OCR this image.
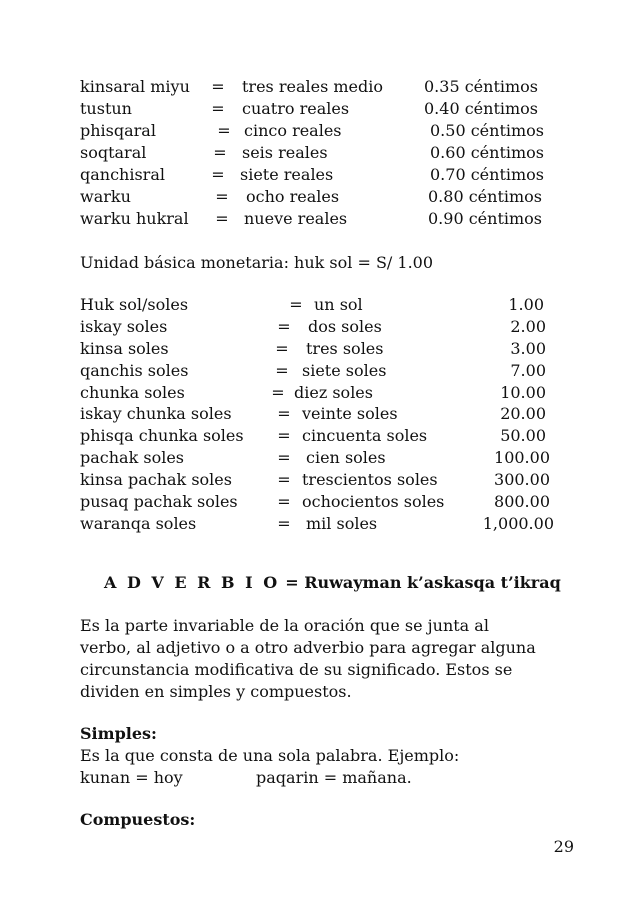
kinsaral miyu = tres reales medio	0.35 céntimos
tustun	= cuatro reales	0.40 céntimos
phisqaral	= cinco reales	0.50 céntimos
soqtaral	= seis reales	0.60 céntimos
qanchisral	= siete reales	0.70 céntimos
warku	= ocho reales	0.80 céntimos
warku hukral = nueve reales	0.90 céntimos
Unidad básica monetaria: huk sol = S/ 1.00
Huk sol/soles	= un sol	1.00
iskay soles	= dos soles	2.00
kinsa soles	= tres soles	3.00
qanchis soles	= siete soles	7.00
chunka soles	= diez soles	10.00
iskay chunka soles	= veinte soles	20.00
phisqa chunka soles = cincuenta soles	50.00
pachak soles	= cien soles	100.00
kinsa pachak soles	= trescientos soles	300.00
pusaq pachak soles = ochocientos soles	800.00
waranqa soles	= mil soles	1,000.00
A D V E R B I O = Ruwayman k’askasqa t’ikraq
Es la parte invariable de la oración que se junta al
verbo, al adjetivo o a otro adverbio para agregar alguna
circunstancia modificativa de su significado. Estos se
dividen en simples y compuestos.
Simples:
Es la que consta de una sola palabra. Ejemplo:
kunan = hoy	paqarin = mañana.
Compuestos:
29
